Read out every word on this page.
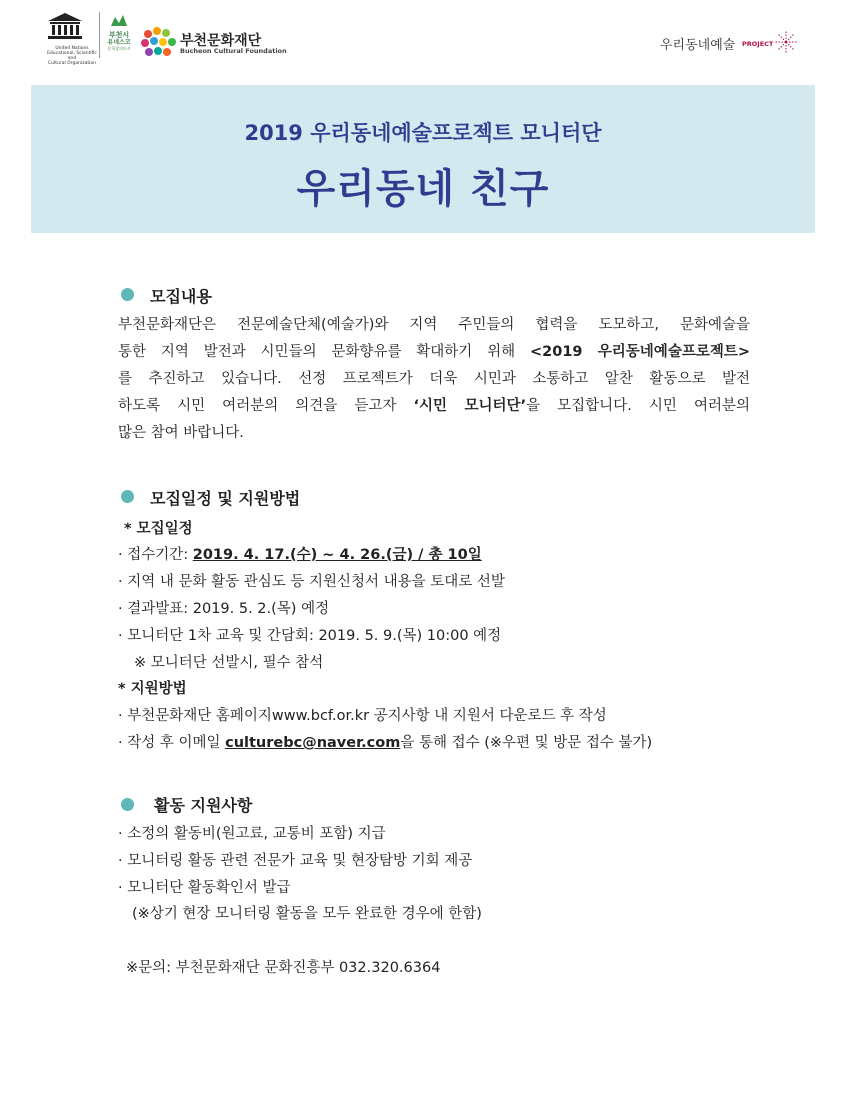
United Nations
Educational, Scientific and
Cultural Organization
부천시
유네스코
문학창의도시	부천문화재단
Bucheon Cultural Foundation	우리동네예술 PROJECT
2019 우리동네예술프로젝트 모니터단
우리동네 친구
모집내용
부천문화재단은 전문예술단체(예술가)와 지역 주민들의 협력을 도모하고, 문화예술을
통한 지역 발전과 시민들의 문화향유를 확대하기 위해 <2019 우리동네예술프로젝트>
를 추진하고 있습니다. 선정 프로젝트가 더욱 시민과 소통하고 알찬 활동으로 발전
하도록 시민 여러분의 의견을 듣고자 ‘시민 모니터단’을 모집합니다. 시민 여러분의
많은 참여 바랍니다.
모집일정 및 지원방법
* 모집일정
· 접수기간: 2019. 4. 17.(수) ~ 4. 26.(금) / 총 10일
· 지역 내 문화 활동 관심도 등 지원신청서 내용을 토대로 선발
· 결과발표: 2019. 5. 2.(목) 예정
· 모니터단 1차 교육 및 간담회: 2019. 5. 9.(목) 10:00 예정
※ 모니터단 선발시, 필수 참석
* 지원방법
· 부천문화재단 홈페이지www.bcf.or.kr 공지사항 내 지원서 다운로드 후 작성
· 작성 후 이메일 culturebc@naver.com을 통해 접수 (※우편 및 방문 접수 불가)
활동 지원사항
· 소정의 활동비(원고료, 교통비 포함) 지급
· 모니터링 활동 관련 전문가 교육 및 현장탐방 기회 제공
· 모니터단 활동확인서 발급
(※상기 현장 모니터링 활동을 모두 완료한 경우에 한함)
※문의: 부천문화재단 문화진흥부 032.320.6364
